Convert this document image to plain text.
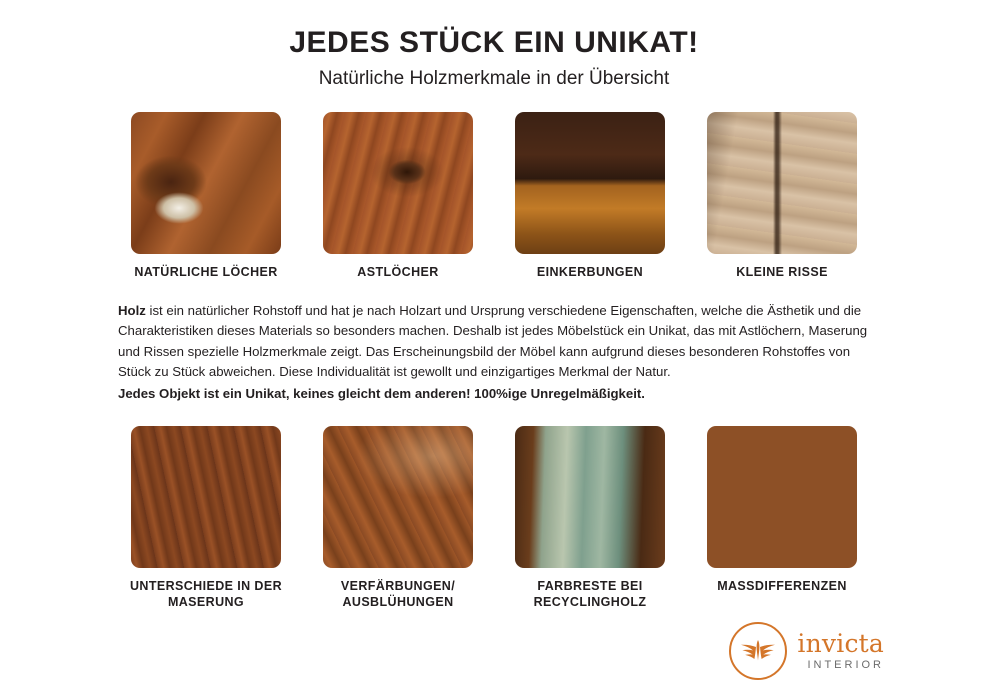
JEDES STÜCK EIN UNIKAT!
Natürliche Holzmerkmale in der Übersicht
NATÜRLICHE LÖCHER	ASTLÖCHER	EINKERBUNGEN	KLEINE RISSE
Holz ist ein natürlicher Rohstoff und hat je nach Holzart und Ursprung verschiedene Eigenschaften, welche die Ästhetik und die Charakteristiken dieses Materials so besonders machen. Deshalb ist jedes Möbelstück ein Unikat, das mit Astlöchern, Maserung und Rissen spezielle Holzmerkmale zeigt. Das Erscheinungsbild der Möbel kann aufgrund dieses besonderen Rohstoffes von Stück zu Stück abweichen. Diese Individualität ist gewollt und einzigartiges Merkmal der Natur.
Jedes Objekt ist ein Unikat, keines gleicht dem anderen! 100%ige Unregelmäßigkeit.
UNTERSCHIEDE IN DER MASERUNG
VERFÄRBUNGEN/ AUSBLÜHUNGEN
FARBRESTE BEI RECYCLINGHOLZ
MASSDIFFERENZEN
invicta
INTERIOR
